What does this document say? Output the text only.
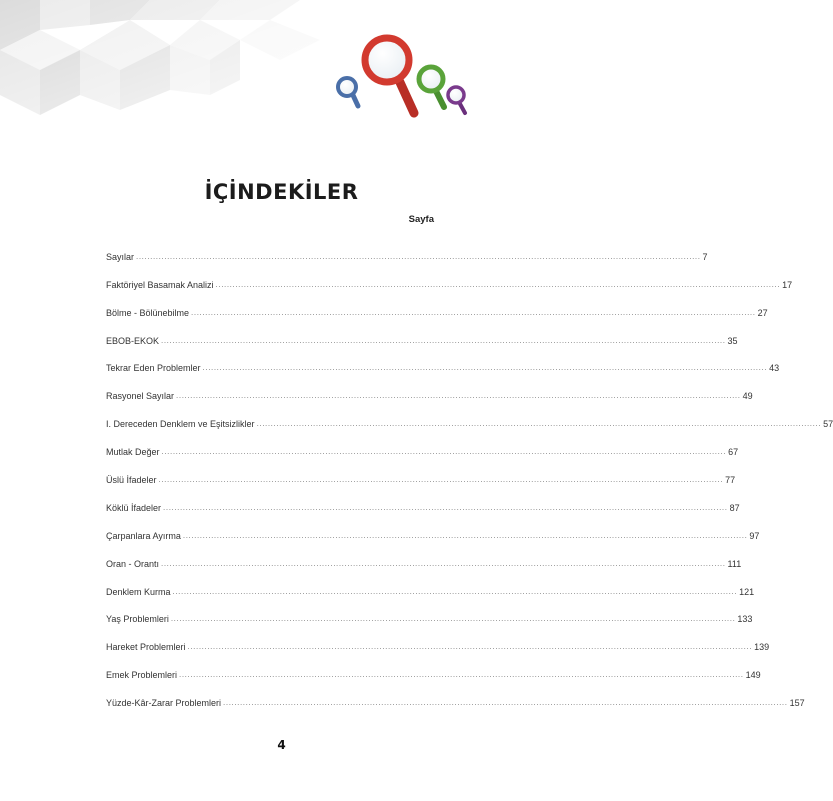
İÇİNDEKİLER
Sayfa
Sayılar ........................................................................................................................................................................................................ 7
Faktöriyel Basamak Analizi ........................................................................................................................................................................................................ 17
Bölme - Bölünebilme ........................................................................................................................................................................................................ 27
EBOB-EKOK ........................................................................................................................................................................................................ 35
Tekrar Eden Problemler ........................................................................................................................................................................................................ 43
Rasyonel Sayılar ........................................................................................................................................................................................................ 49
I. Dereceden Denklem ve Eşitsizlikler ........................................................................................................................................................................................................ 57
Mutlak Değer ........................................................................................................................................................................................................ 67
Üslü İfadeler ........................................................................................................................................................................................................ 77
Köklü İfadeler ........................................................................................................................................................................................................ 87
Çarpanlara Ayırma ........................................................................................................................................................................................................ 97
Oran - Orantı ........................................................................................................................................................................................................ 111
Denklem Kurma ........................................................................................................................................................................................................ 121
Yaş Problemleri ........................................................................................................................................................................................................ 133
Hareket Problemleri ........................................................................................................................................................................................................ 139
Emek Problemleri ........................................................................................................................................................................................................ 149
Yüzde-Kâr-Zarar Problemleri ........................................................................................................................................................................................................ 157
4
